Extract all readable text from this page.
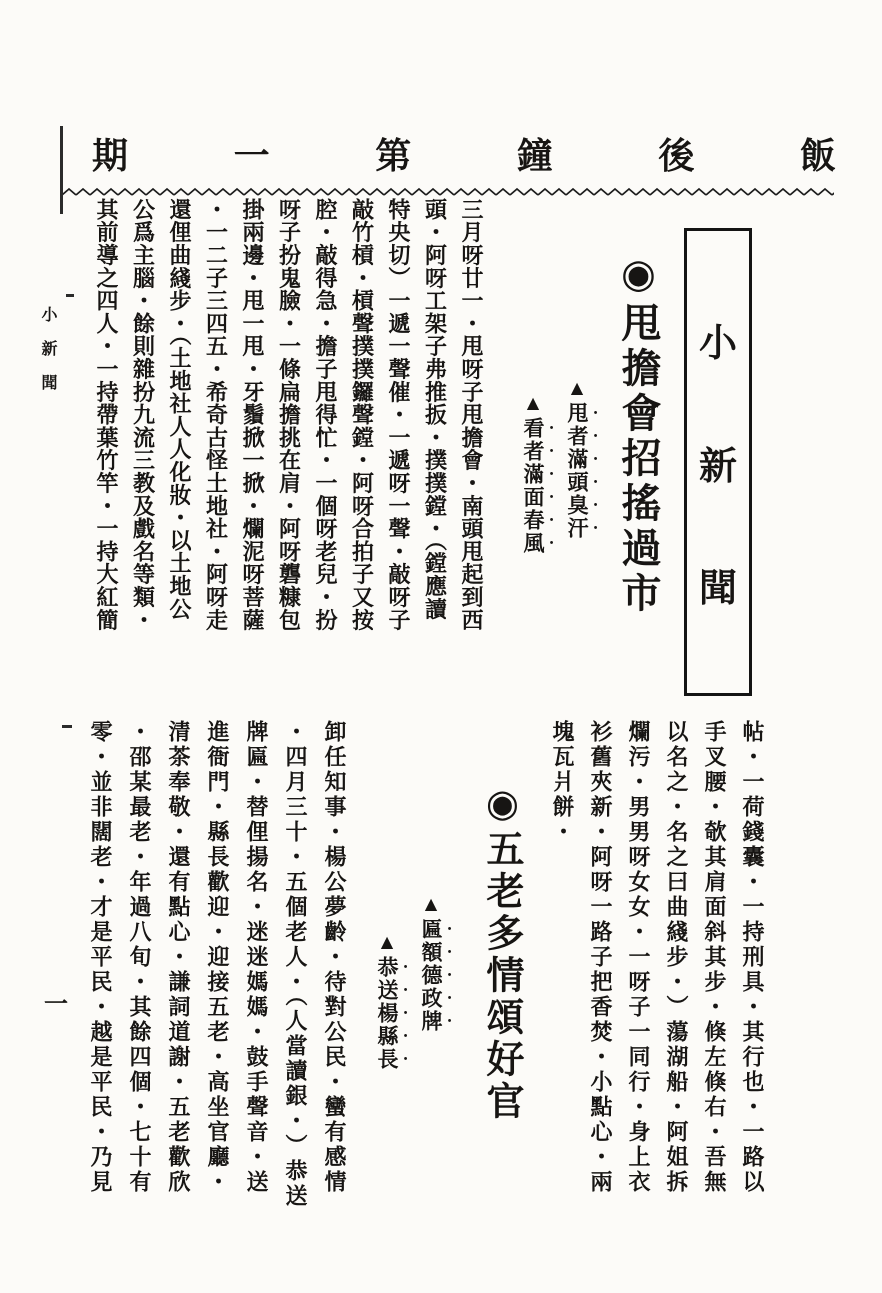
期	一	第	鐘	後	飯
小
新
聞
◉甩擔會招搖過市
▲甩者滿頭臭汗
▲看者滿面春風
三月呀廿一・甩呀子甩擔會・南頭甩起到西
頭・阿呀工架子弗推扳・撲撲鏜・（鏜應讀
特央切）一遞一聲催・一遞呀一聲・敲呀子
敲竹槓・槓聲撲撲鑼聲鏜・阿呀合拍子又按
腔・敲得急・擔子甩得忙・一個呀老兒・扮
呀子扮鬼臉・一條扁擔挑在肩・阿呀礱糠包
掛兩邊・甩一甩・牙鬚掀一掀・爛泥呀菩薩
・一二子三四五・希奇古怪土地社・阿呀走
還俚曲綫步・（土地社人人化妝・以土地公
公爲主腦・餘則雜扮九流三教及戲名等類・
其前導之四人・一持帶葉竹竿・一持大紅簡
帖・一荷錢囊・一持刑具・其行也・一路以
手叉腰・欹其肩面斜其步・倏左倏右・吾無
以名之・名之曰曲綫步・）蕩湖船・阿姐拆
爛污・男男呀女女・一呀子一同行・身上衣
衫舊夾新・阿呀一路子把香焚・小點心・兩
塊瓦爿餅・
◉五老多情頌好官
▲匾額德政牌
▲恭送楊縣長
卸任知事・楊公夢齡・待對公民・蠻有感情
・四月三十・五個老人・（人當讀銀・）恭送
牌匾・替俚揚名・迷迷媽媽・鼓手聲音・送
進衙門・縣長歡迎・迎接五老・高坐官廳・
清茶奉敬・還有點心・謙詞道謝・五老歡欣
・邵某最老・年過八旬・其餘四個・七十有
零・並非闊老・才是平民・越是平民・乃見
小新聞
一
